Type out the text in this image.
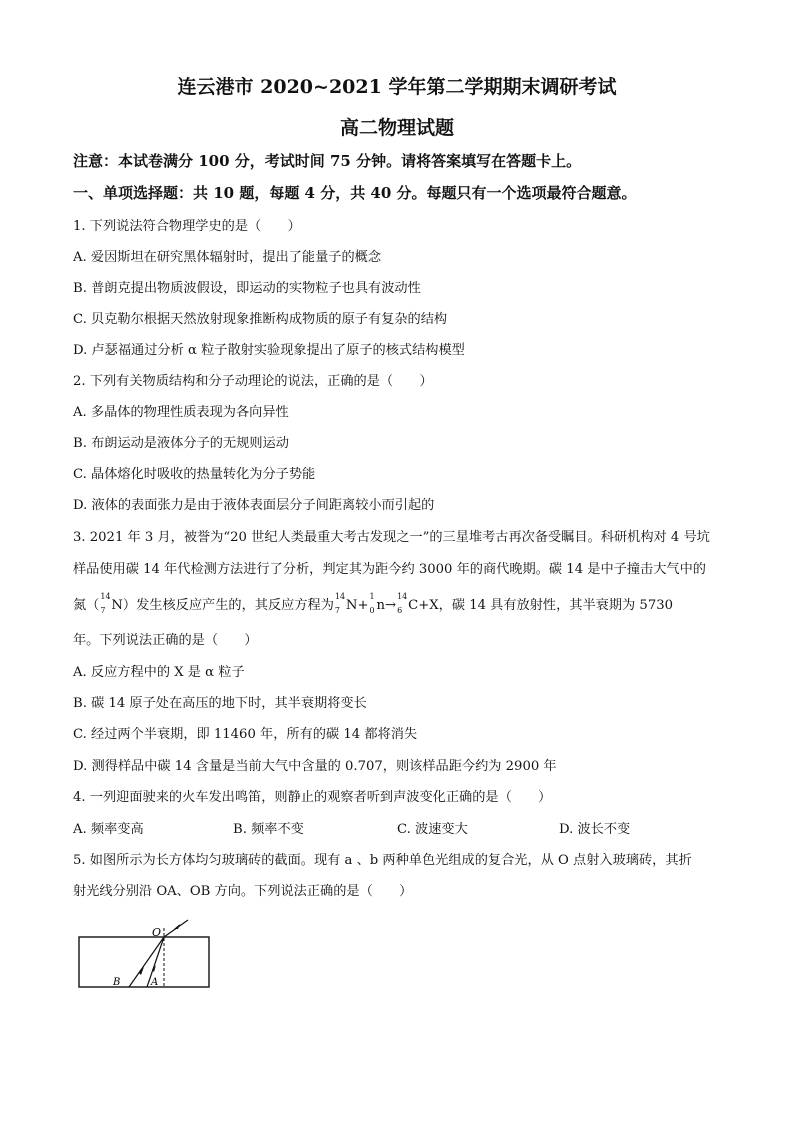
连云港市 2020~2021 学年第二学期期末调研考试
高二物理试题
注意：本试卷满分 100 分，考试时间 75 分钟。请将答案填写在答题卡上。
一、单项选择题：共 10 题，每题 4 分，共 40 分。每题只有一个选项最符合题意。
1. 下列说法符合物理学史的是（　　）
A. 爱因斯坦在研究黑体辐射时，提出了能量子的概念
B. 普朗克提出物质波假设，即运动的实物粒子也具有波动性
C. 贝克勒尔根据天然放射现象推断构成物质的原子有复杂的结构
D. 卢瑟福通过分析 α 粒子散射实验现象提出了原子的核式结构模型
2. 下列有关物质结构和分子动理论的说法，正确的是（　　）
A. 多晶体的物理性质表现为各向异性
B. 布朗运动是液体分子的无规则运动
C. 晶体熔化时吸收的热量转化为分子势能
D. 液体的表面张力是由于液体表面层分子间距离较小而引起的
3. 2021 年 3 月，被誉为“20 世纪人类最重大考古发现之一”的三星堆考古再次备受瞩目。科研机构对 4 号坑
样品使用碳 14 年代检测方法进行了分析，判定其为距今约 3000 年的商代晚期。碳 14 是中子撞击大气中的
氮（
14
7 N）发生核反应产生的，其反应方程为
14
7 N+
1
0 n→
14
6 C+X，碳 14 具有放射性，其半衰期为 5730
年。下列说法正确的是（　　）
A. 反应方程中的 X 是 α 粒子
B. 碳 14 原子处在高压的地下时，其半衰期将变长
C. 经过两个半衰期，即 11460 年，所有的碳 14 都将消失
D. 测得样品中碳 14 含量是当前大气中含量的 0.707，则该样品距今约为 2900 年
4. 一列迎面驶来的火车发出鸣笛，则静止的观察者听到声波变化正确的是（　　）
A. 频率变高	B. 频率不变	C. 波速变大	D. 波长不变
5. 如图所示为长方体均匀玻璃砖的截面。现有 a 、b 两种单色光组成的复合光，从 O 点射入玻璃砖，其折
射光线分别沿 OA、OB 方向。下列说法正确的是（　　）
O
B	A
